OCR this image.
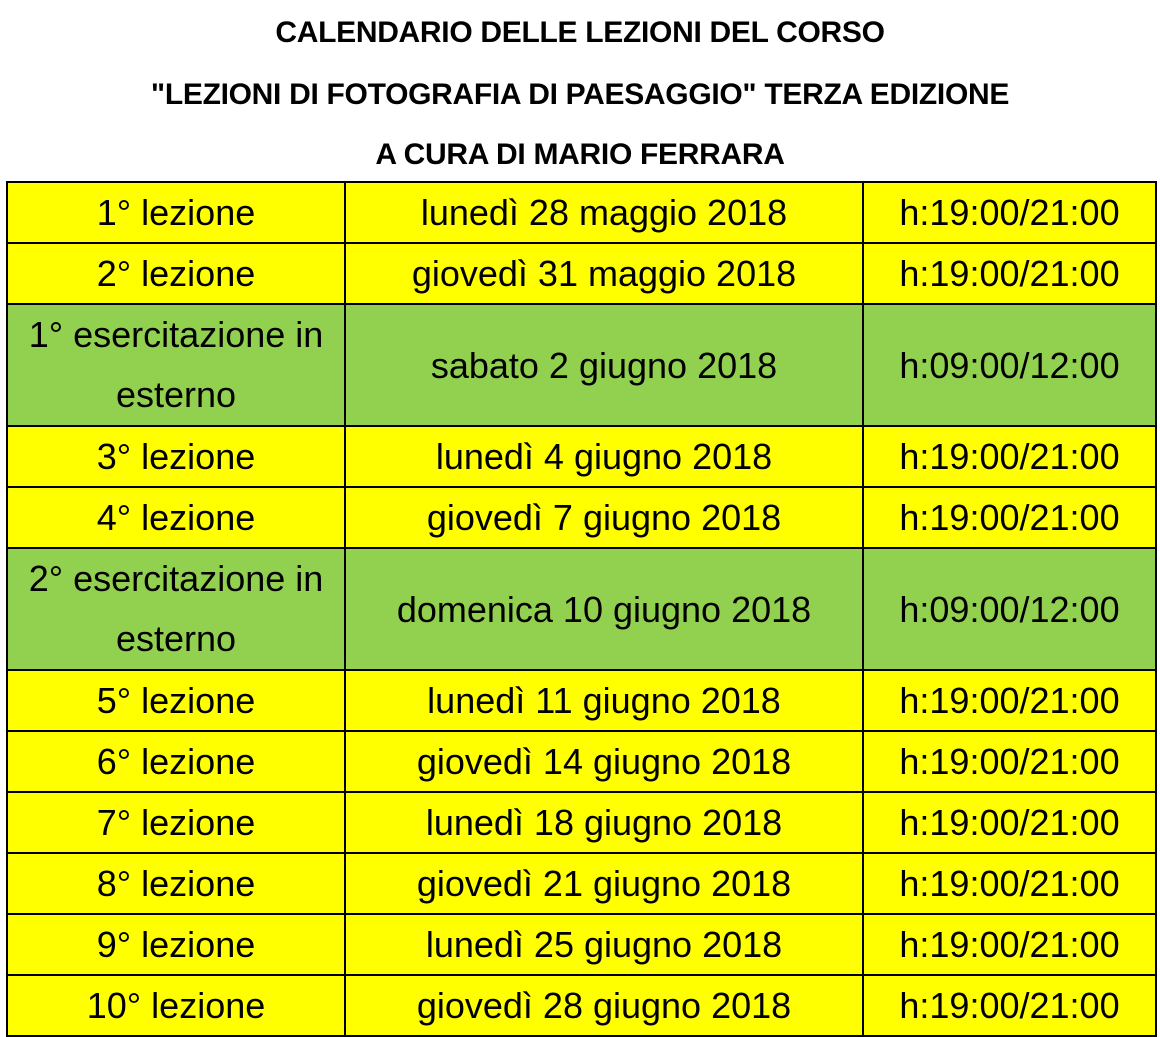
CALENDARIO DELLE LEZIONI DEL CORSO
"LEZIONI DI FOTOGRAFIA DI PAESAGGIO" TERZA EDIZIONE
A CURA DI MARIO FERRARA
1° lezione	lunedì 28 maggio 2018	h:19:00/21:00
2° lezione	giovedì 31 maggio 2018	h:19:00/21:00
1° esercitazione in esterno	sabato 2 giugno 2018	h:09:00/12:00
3° lezione	lunedì 4 giugno 2018	h:19:00/21:00
4° lezione	giovedì 7 giugno 2018	h:19:00/21:00
2° esercitazione in esterno	domenica 10 giugno 2018	h:09:00/12:00
5° lezione	lunedì 11 giugno 2018	h:19:00/21:00
6° lezione	giovedì 14 giugno 2018	h:19:00/21:00
7° lezione	lunedì 18 giugno 2018	h:19:00/21:00
8° lezione	giovedì 21 giugno 2018	h:19:00/21:00
9° lezione	lunedì 25 giugno 2018	h:19:00/21:00
10° lezione	giovedì 28 giugno 2018	h:19:00/21:00
